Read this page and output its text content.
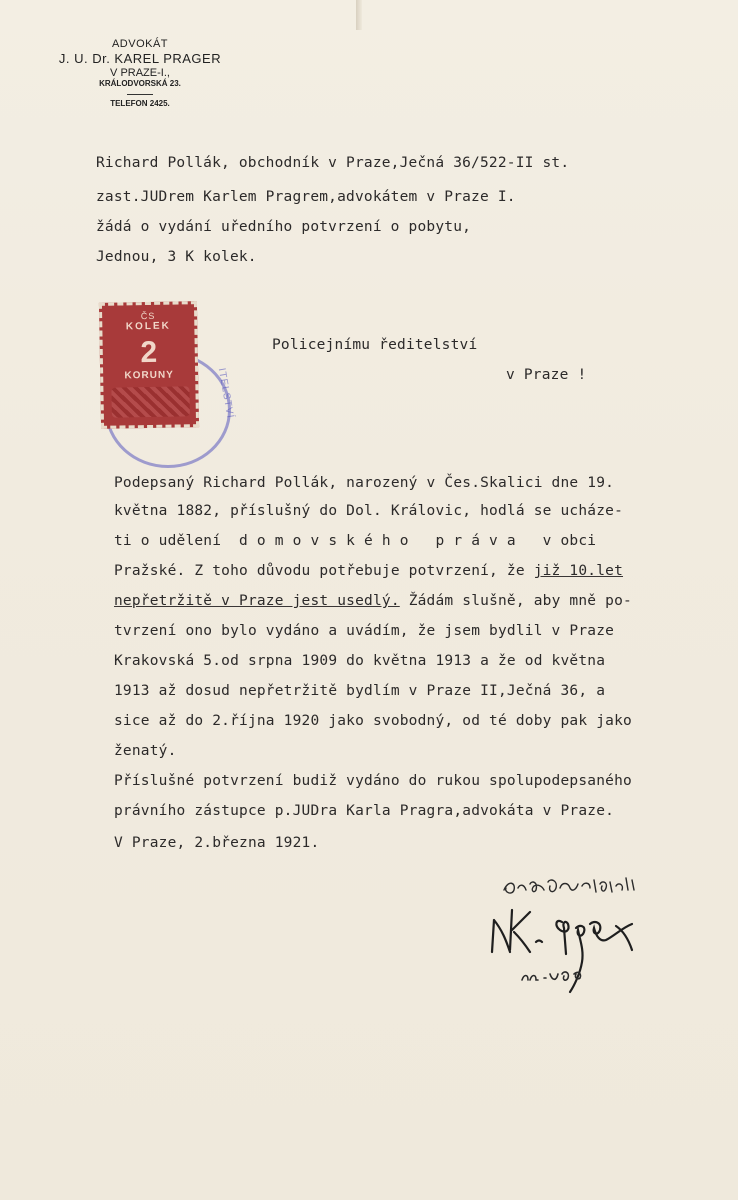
ADVOKÁT
J. U. Dr. KAREL PRAGER
V PRAZE-I.,
KRÁLODVORSKÁ 23.
TELEFON 2425.
Richard Pollák, obchodník v Praze,Ječná 36/522-II st.
zast.JUDrem Karlem Pragrem,advokátem v Praze I.
žádá o vydání uředního potvrzení o pobytu,
Jednou, 3 K kolek.
ITELSTVÍ
ČS
KOLEK
2
KORUNY
Policejnímu ředitelství
v Praze !
Podepsaný Richard Pollák, narozený v Čes.Skalici dne 19.
května 1882, příslušný do Dol. Královic, hodlá se ucháze-
ti o udělení  d o m o v s k é h o   p r á v a   v obci
Pražské. Z toho důvodu potřebuje potvrzení, že již 10.let
nepřetržitě v Praze jest usedlý. Žádám slušně, aby mně po-
tvrzení ono bylo vydáno a uvádím, že jsem bydlil v Praze
Krakovská 5.od srpna 1909 do května 1913 a že od května
1913 až dosud nepřetržitě bydlím v Praze II,Ječná 36, a
sice až do 2.října 1920 jako svobodný, od té doby pak jako
ženatý.
Příslušné potvrzení budiž vydáno do rukou spolupodepsaného
právního zástupce p.JUDra Karla Pragra,advokáta v Praze.
V Praze, 2.března 1921.
